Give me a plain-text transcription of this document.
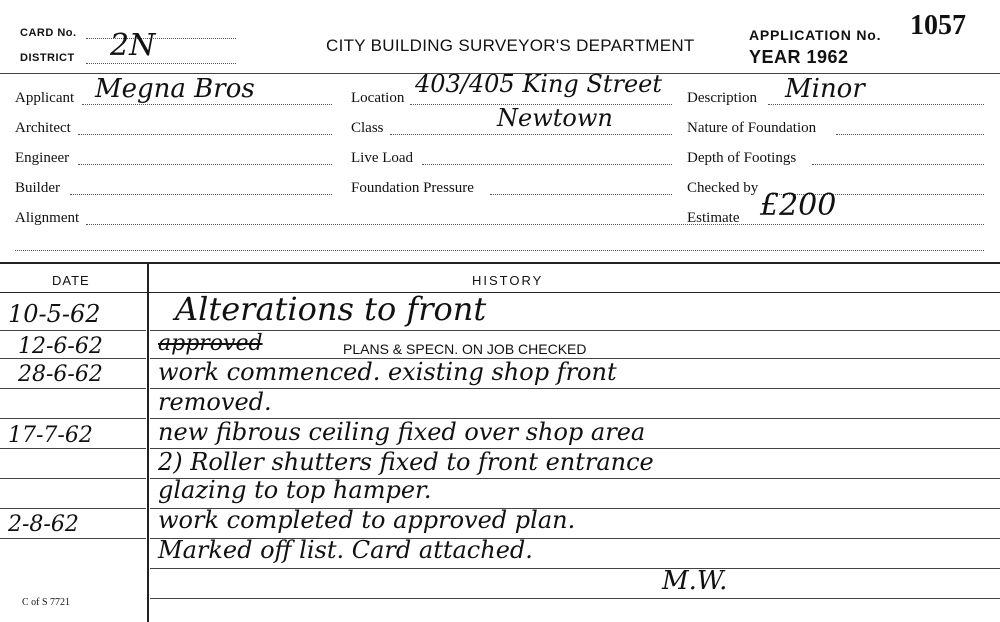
CARD No.
DISTRICT 2N	CITY BUILDING SURVEYOR'S DEPARTMENT
APPLICATION No. 1057
YEAR 1962
Applicant Megna Bros
Architect
Engineer
Builder
Alignment
Location 403/405 King Street
Class	Newtown
Live Load
Foundation Pressure
Description Minor
Nature of Foundation
Depth of Footings
Checked by
Estimate £200
DATE	HISTORY
10-5-62 Alterations to front
12-6-62	approved	PLANS & SPECN. ON JOB CHECKED
28-6-62 work commenced. existing shop front
removed.
17-7-62	new fibrous ceiling fixed over shop area
2) Roller shutters fixed to front entrance
glazing to top hamper.
2-8-62	work completed to approved plan.
Marked off list. Card attached.
M.W.
C of S 7721
